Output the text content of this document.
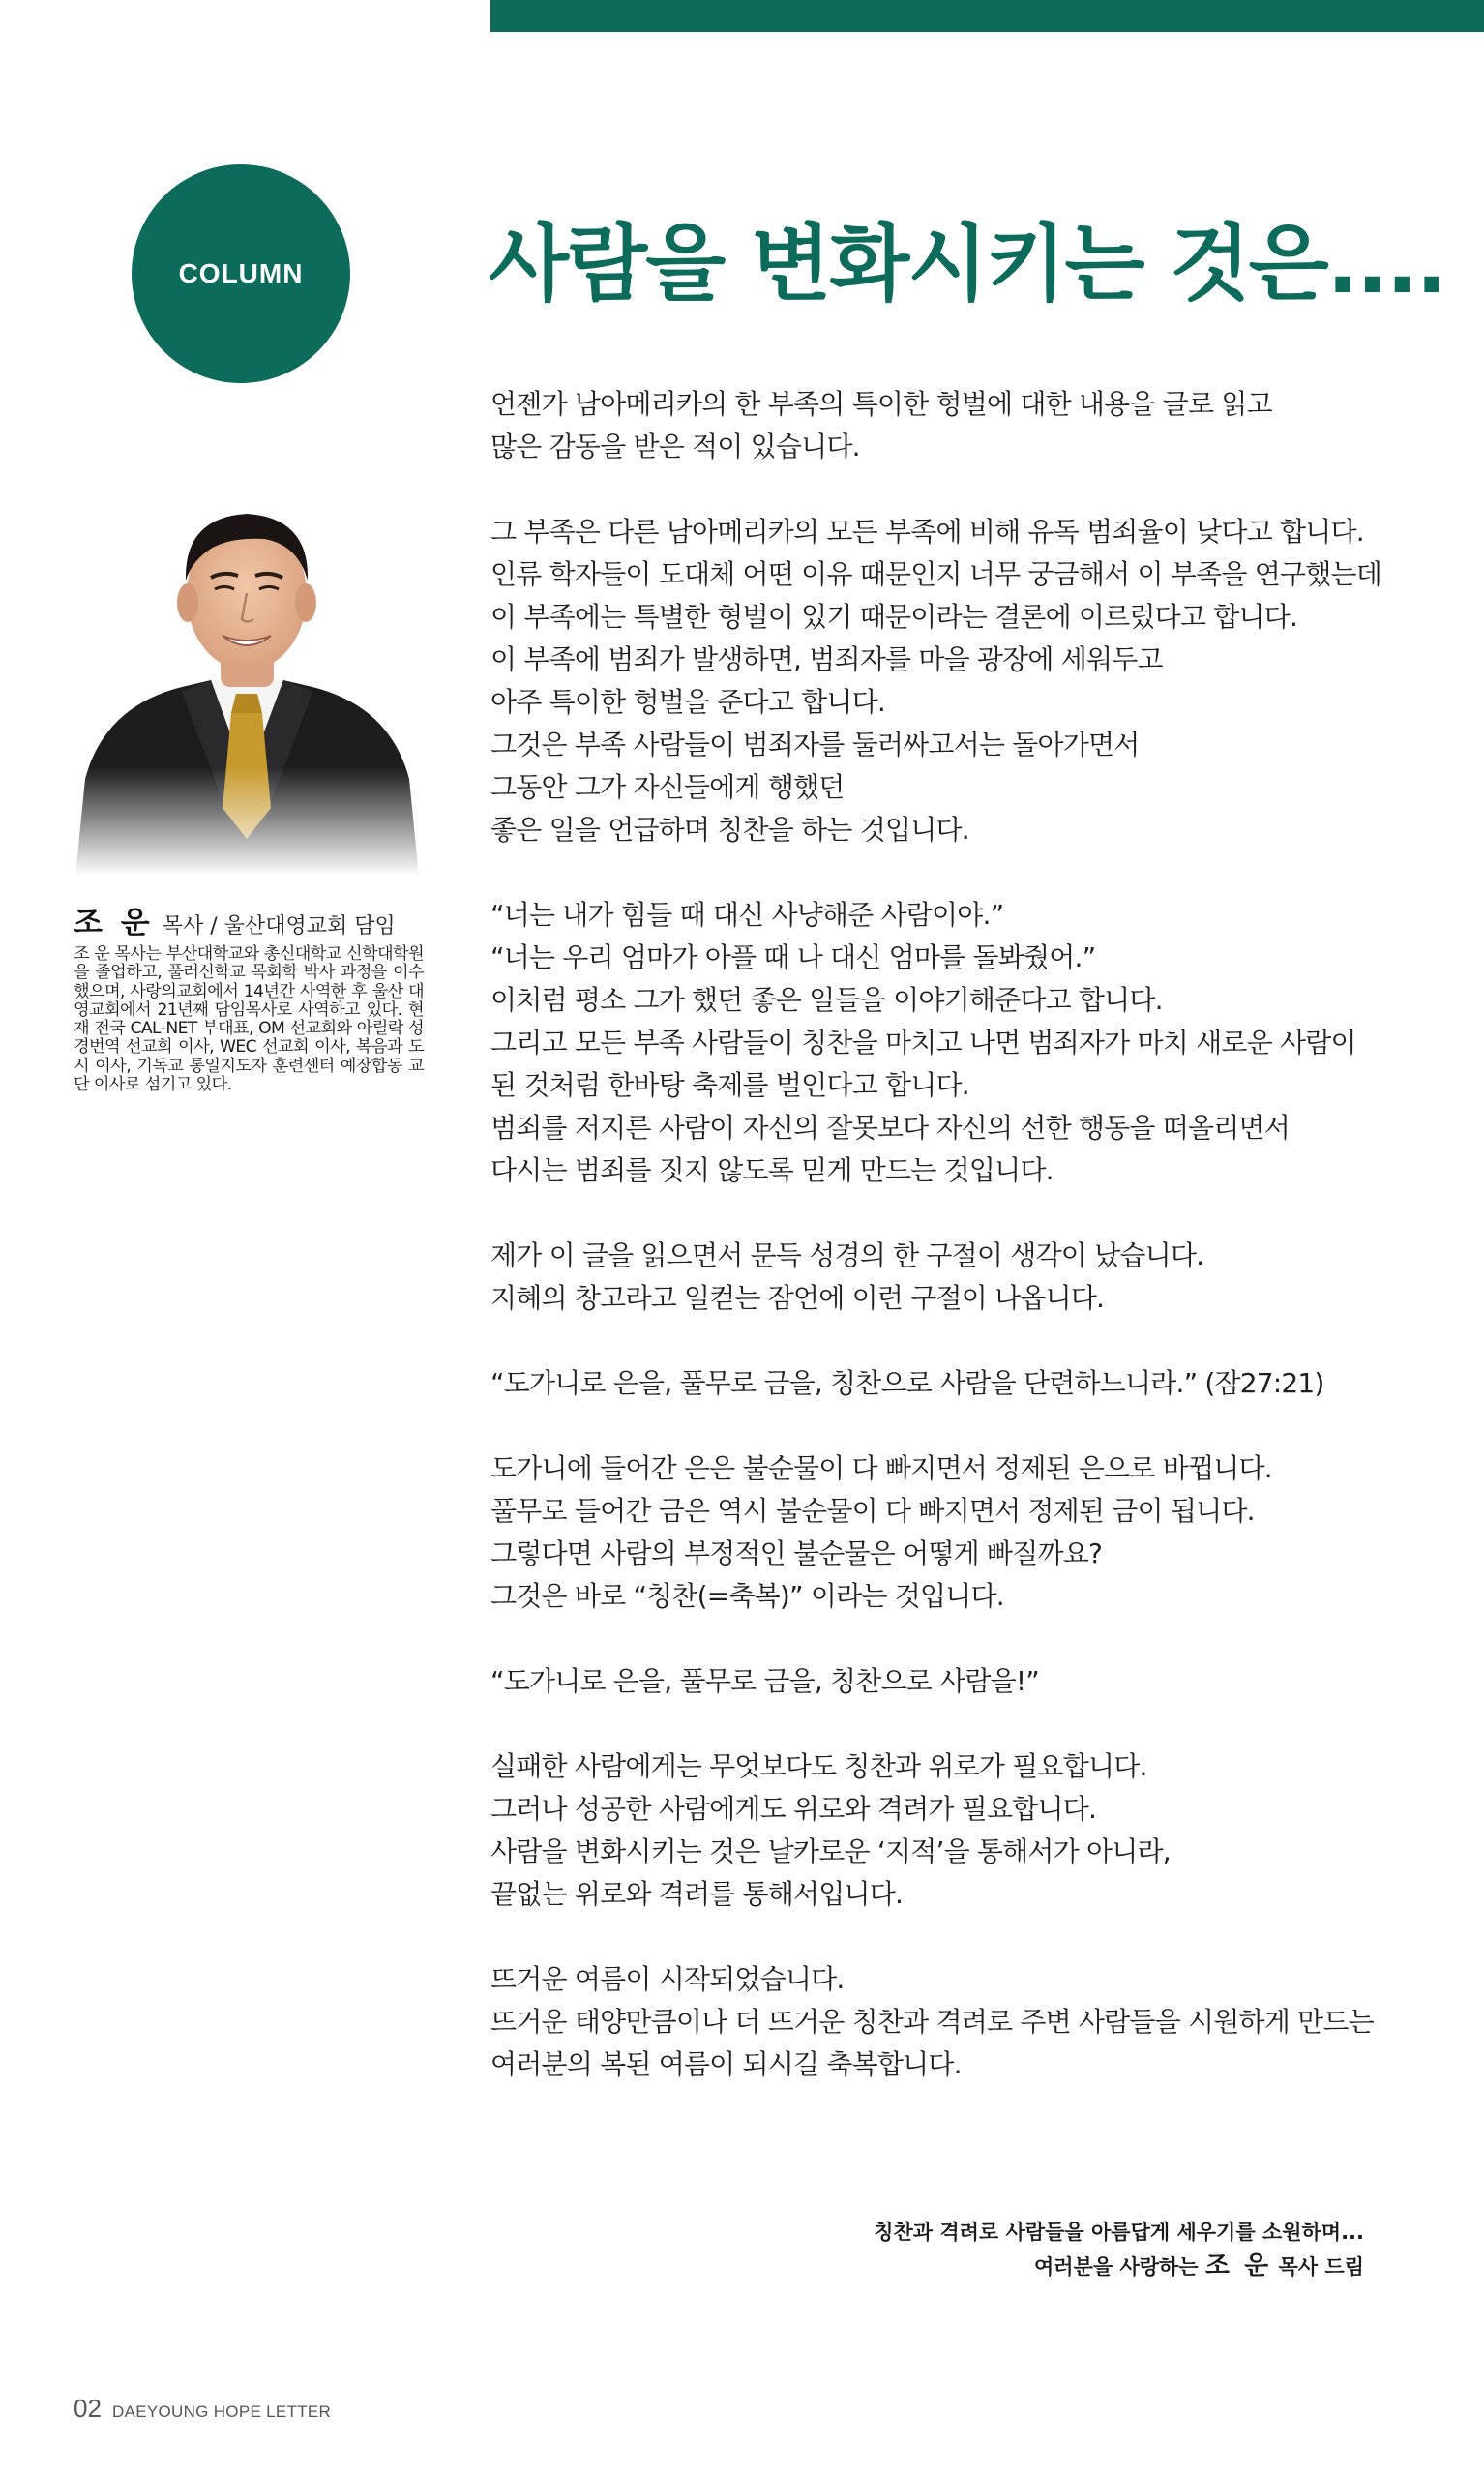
COLUMN 사람을 변화시키는 것은....
조 운 목사 / 울산대영교회 담임
조 운 목사는 부산대학교와 총신대학교 신학대학원을 졸업하고, 풀러신학교 목회학 박사 과정을 이수했으며, 사랑의교회에서 14년간 사역한 후 울산 대영교회에서 21년째 담임목사로 사역하고 있다. 현재 전국 CAL-NET 부대표, OM 선교회와 아릴락 성경번역 선교회 이사, WEC 선교회 이사, 복음과 도시 이사, 기독교 통일지도자 훈련센터 예장합동 교단 이사로 섬기고 있다.
언젠가 남아메리카의 한 부족의 특이한 형벌에 대한 내용을 글로 읽고
많은 감동을 받은 적이 있습니다.
그 부족은 다른 남아메리카의 모든 부족에 비해 유독 범죄율이 낮다고 합니다.
인류 학자들이 도대체 어떤 이유 때문인지 너무 궁금해서 이 부족을 연구했는데
이 부족에는 특별한 형벌이 있기 때문이라는 결론에 이르렀다고 합니다.
이 부족에 범죄가 발생하면, 범죄자를 마을 광장에 세워두고
아주 특이한 형벌을 준다고 합니다.
그것은 부족 사람들이 범죄자를 둘러싸고서는 돌아가면서
그동안 그가 자신들에게 행했던
좋은 일을 언급하며 칭찬을 하는 것입니다.
“너는 내가 힘들 때 대신 사냥해준 사람이야.”
“너는 우리 엄마가 아플 때 나 대신 엄마를 돌봐줬어.”
이처럼 평소 그가 했던 좋은 일들을 이야기해준다고 합니다.
그리고 모든 부족 사람들이 칭찬을 마치고 나면 범죄자가 마치 새로운 사람이
된 것처럼 한바탕 축제를 벌인다고 합니다.
범죄를 저지른 사람이 자신의 잘못보다 자신의 선한 행동을 떠올리면서
다시는 범죄를 짓지 않도록 믿게 만드는 것입니다.
제가 이 글을 읽으면서 문득 성경의 한 구절이 생각이 났습니다.
지혜의 창고라고 일컫는 잠언에 이런 구절이 나옵니다.
“도가니로 은을, 풀무로 금을, 칭찬으로 사람을 단련하느니라.” (잠27:21)
도가니에 들어간 은은 불순물이 다 빠지면서 정제된 은으로 바뀝니다.
풀무로 들어간 금은 역시 불순물이 다 빠지면서 정제된 금이 됩니다.
그렇다면 사람의 부정적인 불순물은 어떻게 빠질까요?
그것은 바로 “칭찬(=축복)” 이라는 것입니다.
“도가니로 은을, 풀무로 금을, 칭찬으로 사람을!”
실패한 사람에게는 무엇보다도 칭찬과 위로가 필요합니다.
그러나 성공한 사람에게도 위로와 격려가 필요합니다.
사람을 변화시키는 것은 날카로운 ‘지적’을 통해서가 아니라,
끝없는 위로와 격려를 통해서입니다.
뜨거운 여름이 시작되었습니다.
뜨거운 태양만큼이나 더 뜨거운 칭찬과 격려로 주변 사람들을 시원하게 만드는
여러분의 복된 여름이 되시길 축복합니다.
칭찬과 격려로 사람들을 아름답게 세우기를 소원하며...
여러분을 사랑하는 조 운 목사 드림
02 DAEYOUNG HOPE LETTER
